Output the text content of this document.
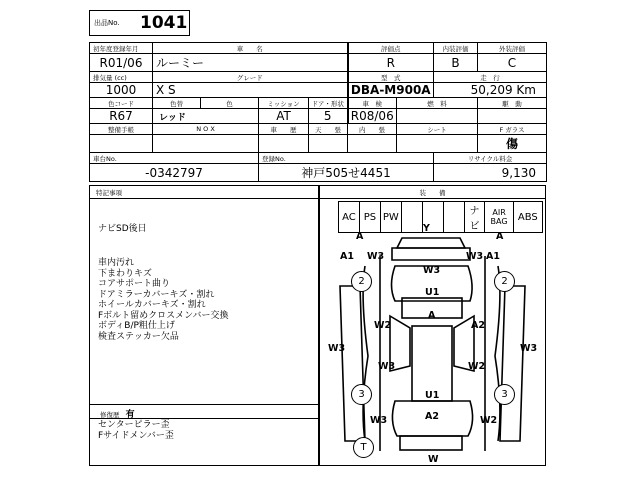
出品No. 1041
初年度登録年月	車　　名				評価点		内装評価	外装評価
R01/06	ルーミー				R		B	C
排気量 (cc)	グレード				型　式		走　行	
1000	X S				DBA-M900A		50,209 Km	
色コード	色替	色	ミッション	ドア・形状	車　検	燃　料		駆　動
R67	レッド		AT	5	R08/06			
整備手帳	N O X		車　　歴	天　　張	内　　張	シート		F ガラス
								傷
車台No.			登録No.				リサイクル料金	
-0342797			神戸505せ4451				9,130	
特記事項
ナビSD後日
車内汚れ
下まわりキズ
コアサポート曲り
ドアミラーカバーキズ・割れ
ホイールカバーキズ・割れ
Fボルト留めクロスメンバー交換
ボディB/P粗仕上げ
検査ステッカー欠品
修復歴 有
センターピラー歪
Fサイドメンバー歪
装　　備
AC	PS	PW				ナビ	AIR
BAG	ABS
Y
A	A
A1 W3	W3 A1
W3
U1
A
W2	A2
W3	W3
W3	W2
U1
A2
W3	W2
W
2	2
3	3
T
